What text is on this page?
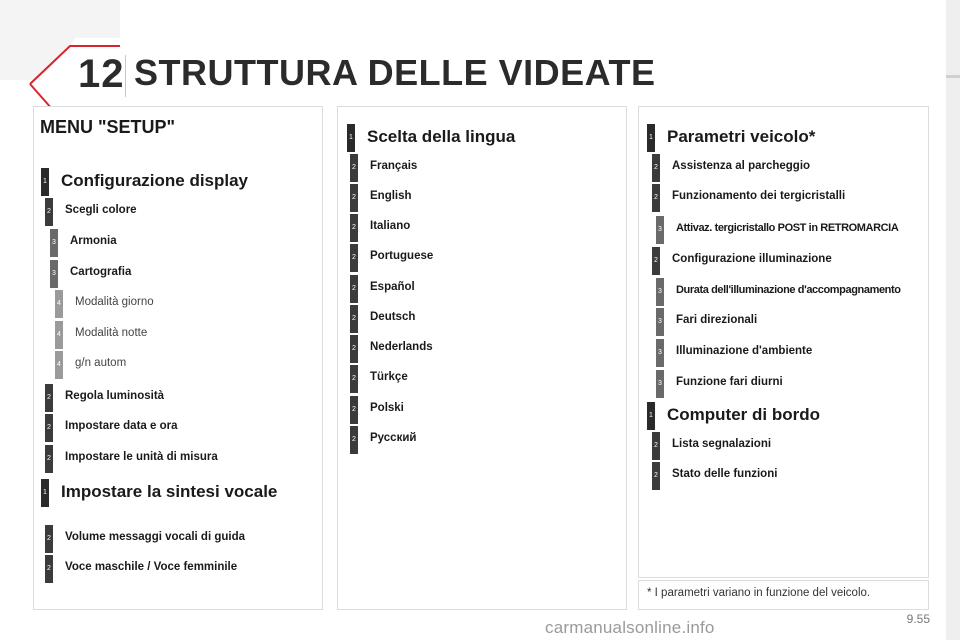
12 STRUTTURA DELLE VIDEATE
MENU "SETUP"
1 Configurazione display
2 Scegli colore
3 Armonia
3 Cartografia
4 Modalità giorno
4 Modalità notte
4 g/n autom
2 Regola luminosità
2 Impostare data e ora
2 Impostare le unità di misura
1 Impostare la sintesi vocale
2 Volume messaggi vocali di guida
2 Voce maschile / Voce femminile
1 Scelta della lingua
2 Français
2 English
2 Italiano
2 Portuguese
2 Español
2 Deutsch
2 Nederlands
2 Türkçe
2 Polski
2 Русский
1 Parametri veicolo*
2 Assistenza al parcheggio
2 Funzionamento dei tergicristalli
3 Attivaz. tergicristallo POST in RETROMARCIA
2 Configurazione illuminazione
3 Durata dell'illuminazione d'accompagnamento
3 Fari direzionali
3 Illuminazione d'ambiente
3 Funzione fari diurni
1 Computer di bordo
2 Lista segnalazioni
2 Stato delle funzioni
* I parametri variano in funzione del veicolo.
9.55
carmanualsonline.info
